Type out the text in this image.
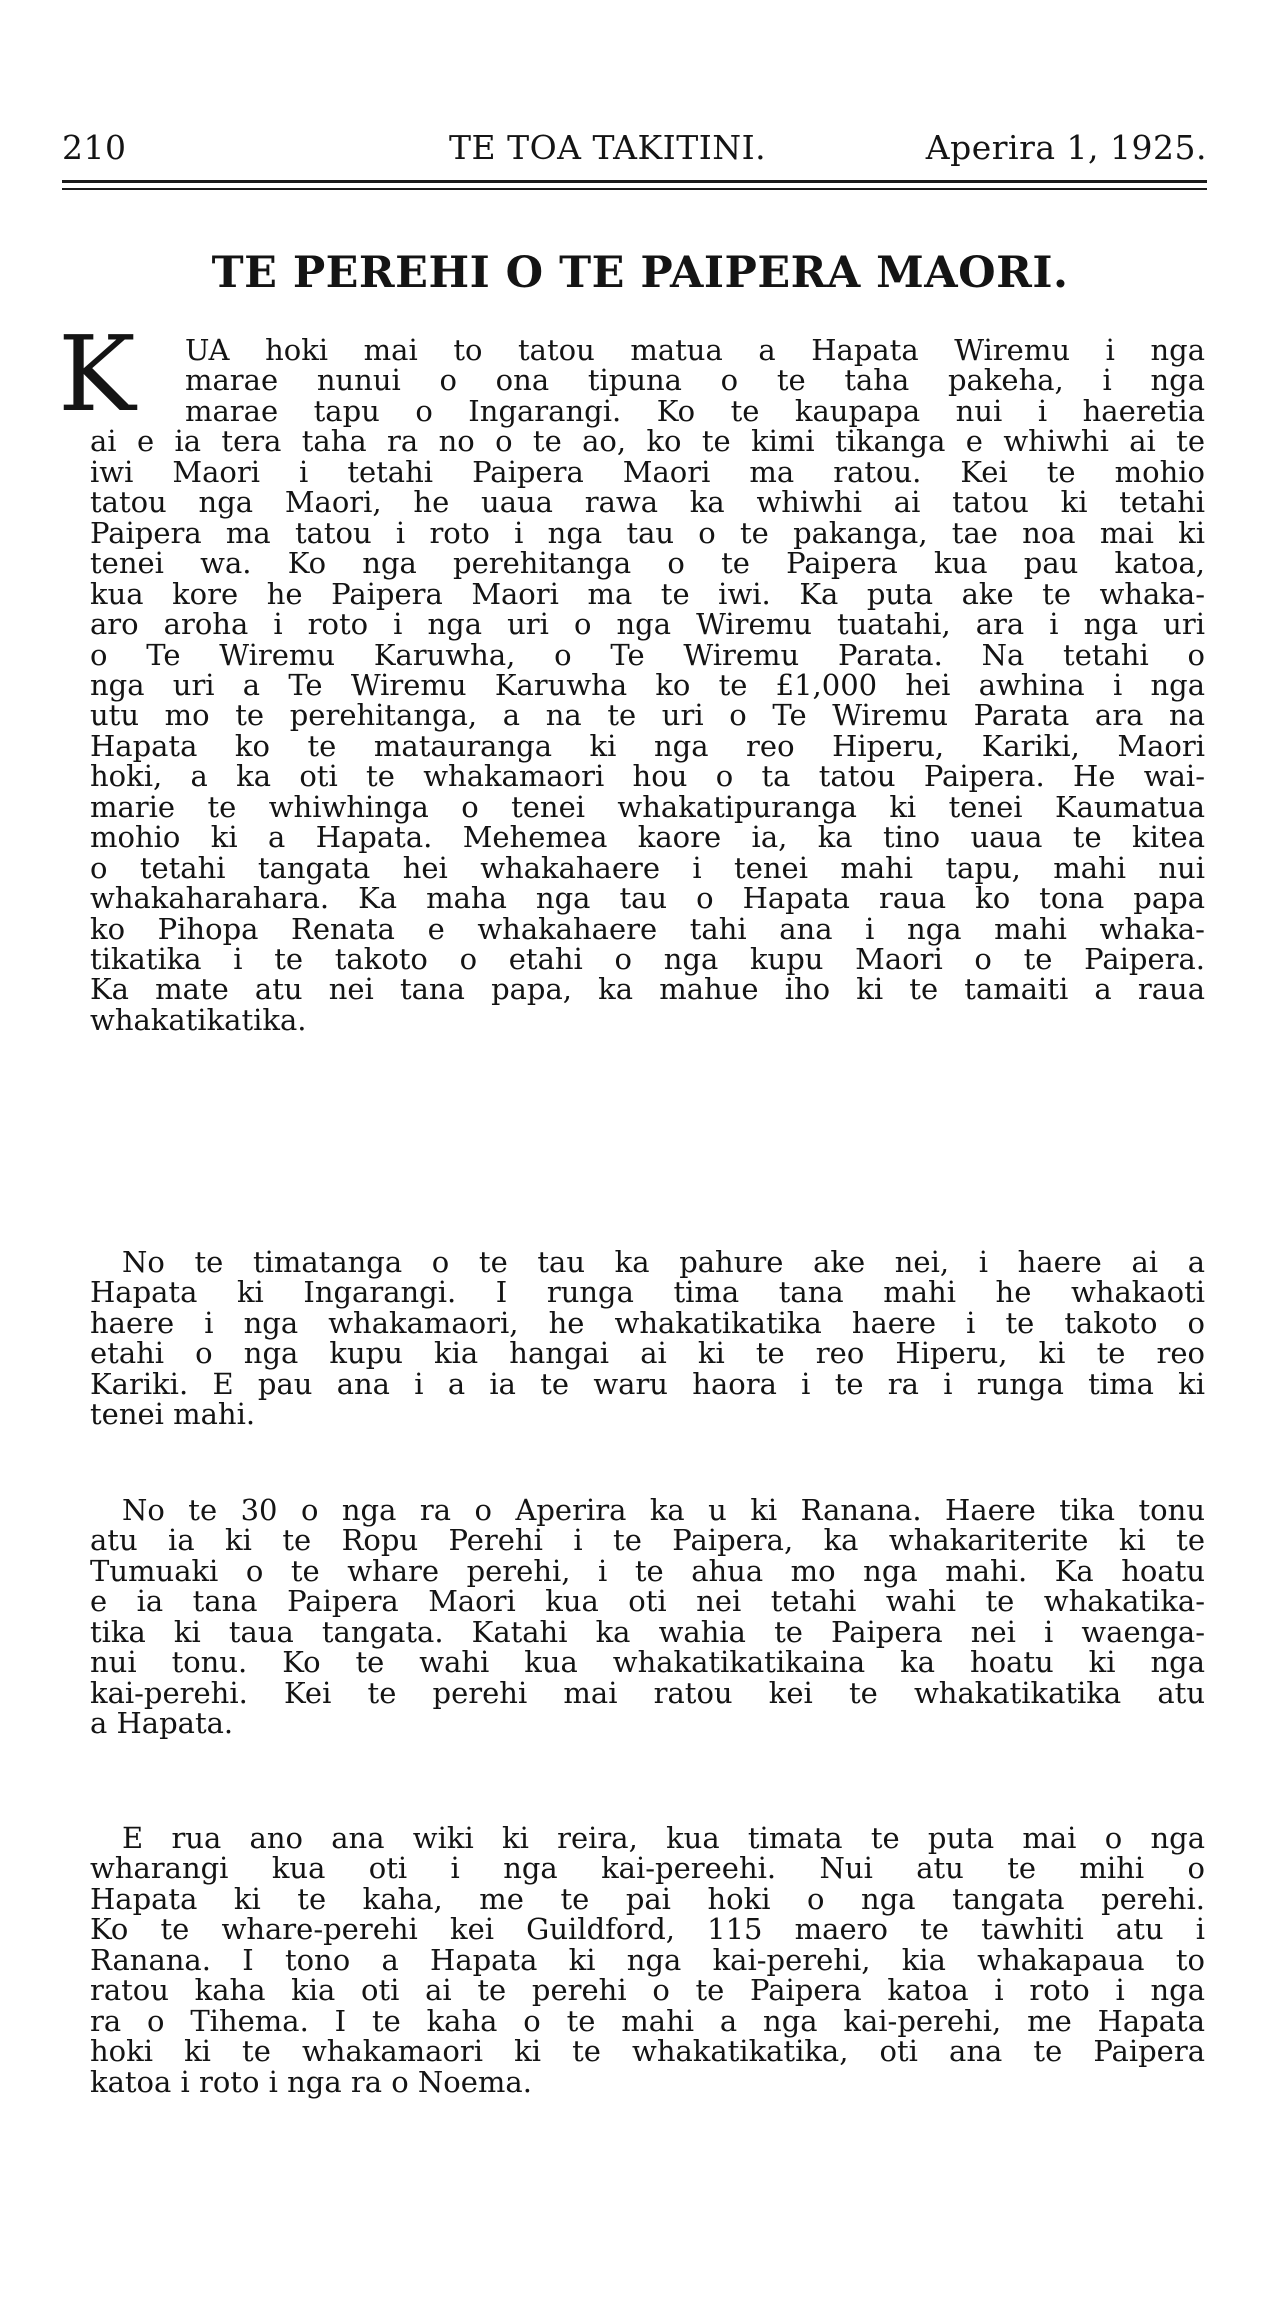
210	TE TOA TAKITINI.	Aperira 1, 1925.
TE PEREHI O TE PAIPERA MAORI.
K UA hoki mai to tatou matua a Hapata Wiremu i nga
marae nunui o ona tipuna o te taha pakeha, i nga
marae tapu o Ingarangi. Ko te kaupapa nui i haeretia
ai e ia tera taha ra no o te ao, ko te kimi tikanga e whiwhi ai te
iwi Maori i tetahi Paipera Maori ma ratou. Kei te mohio
tatou nga Maori, he uaua rawa ka whiwhi ai tatou ki tetahi
Paipera ma tatou i roto i nga tau o te pakanga, tae noa mai ki
tenei wa. Ko nga perehitanga o te Paipera kua pau katoa,
kua kore he Paipera Maori ma te iwi. Ka puta ake te whaka-
aro aroha i roto i nga uri o nga Wiremu tuatahi, ara i nga uri
o Te Wiremu Karuwha, o Te Wiremu Parata. Na tetahi o
nga uri a Te Wiremu Karuwha ko te £1,000 hei awhina i nga
utu mo te perehitanga, a na te uri o Te Wiremu Parata ara na
Hapata ko te matauranga ki nga reo Hiperu, Kariki, Maori
hoki, a ka oti te whakamaori hou o ta tatou Paipera. He wai-
marie te whiwhinga o tenei whakatipuranga ki tenei Kaumatua
mohio ki a Hapata. Mehemea kaore ia, ka tino uaua te kitea
o tetahi tangata hei whakahaere i tenei mahi tapu, mahi nui
whakaharahara. Ka maha nga tau o Hapata raua ko tona papa
ko Pihopa Renata e whakahaere tahi ana i nga mahi whaka-
tikatika i te takoto o etahi o nga kupu Maori o te Paipera.
Ka mate atu nei tana papa, ka mahue iho ki te tamaiti a raua
whakatikatika.
No te timatanga o te tau ka pahure ake nei, i haere ai a
Hapata ki Ingarangi. I runga tima tana mahi he whakaoti
haere i nga whakamaori, he whakatikatika haere i te takoto o
etahi o nga kupu kia hangai ai ki te reo Hiperu, ki te reo
Kariki. E pau ana i a ia te waru haora i te ra i runga tima ki
tenei mahi.
No te 30 o nga ra o Aperira ka u ki Ranana. Haere tika tonu
atu ia ki te Ropu Perehi i te Paipera, ka whakariterite ki te
Tumuaki o te whare perehi, i te ahua mo nga mahi. Ka hoatu
e ia tana Paipera Maori kua oti nei tetahi wahi te whakatika-
tika ki taua tangata. Katahi ka wahia te Paipera nei i waenga-
nui tonu. Ko te wahi kua whakatikatikaina ka hoatu ki nga
kai-perehi. Kei te perehi mai ratou kei te whakatikatika atu
a Hapata.
E rua ano ana wiki ki reira, kua timata te puta mai o nga
wharangi kua oti i nga kai-pereehi. Nui atu te mihi o
Hapata ki te kaha, me te pai hoki o nga tangata perehi.
Ko te whare-perehi kei Guildford, 115 maero te tawhiti atu i
Ranana. I tono a Hapata ki nga kai-perehi, kia whakapaua to
ratou kaha kia oti ai te perehi o te Paipera katoa i roto i nga
ra o Tihema. I te kaha o te mahi a nga kai-perehi, me Hapata
hoki ki te whakamaori ki te whakatikatika, oti ana te Paipera
katoa i roto i nga ra o Noema.
